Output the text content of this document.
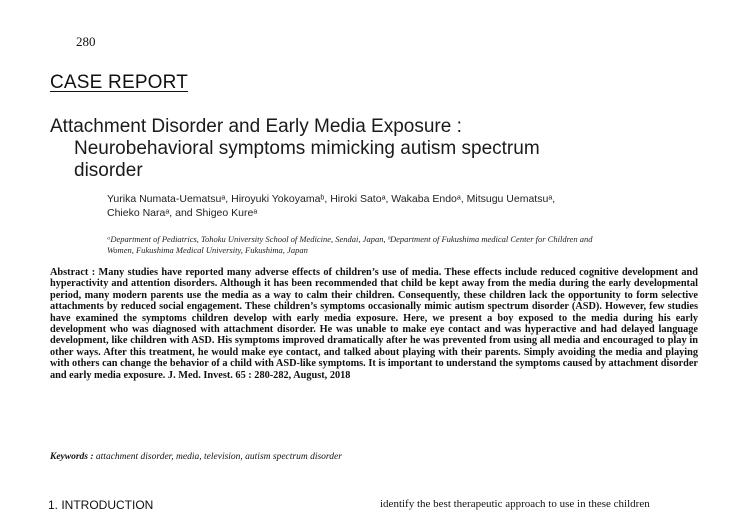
280
CASE REPORT
Attachment Disorder and Early Media Exposure :
Neurobehavioral symptoms mimicking autism spectrum
disorder
Yurika Numata-Uematsuᵃ, Hiroyuki Yokoyamaᵇ, Hiroki Satoᵃ, Wakaba Endoᵃ, Mitsugu Uematsuᵃ,
Chieko Naraᵃ, and Shigeo Kureᵃ
ᵃDepartment of Pediatrics, Tohoku University School of Medicine, Sendai, Japan, ᵇDepartment of Fukushima medical Center for Children and
Women, Fukushima Medical University, Fukushima, Japan
Abstract : Many studies have reported many adverse effects of children’s use of media. These effects include reduced cognitive development and hyperactivity and attention disorders. Although it has been recommended that child be kept away from the media during the early developmental period, many modern parents use the media as a way to calm their children. Consequently, these children lack the opportunity to form selective attachments by reduced social engagement. These children’s symptoms occasionally mimic autism spectrum disorder (ASD). However, few studies have examined the symptoms children develop with early media exposure. Here, we present a boy exposed to the media during his early development who was diagnosed with attachment disorder. He was unable to make eye contact and was hyperactive and had delayed language development, like children with ASD. His symptoms improved dramatically after he was prevented from using all media and encouraged to play in other ways. After this treatment, he would make eye contact, and talked about playing with their parents. Simply avoiding the media and playing with others can change the behavior of a child with ASD-like symptoms. It is important to understand the symptoms caused by attachment disorder and early media exposure. J. Med. Invest. 65 : 280-282, August, 2018
Keywords : attachment disorder, media, television, autism spectrum disorder
1. INTRODUCTION	identify the best therapeutic approach to use in these children
